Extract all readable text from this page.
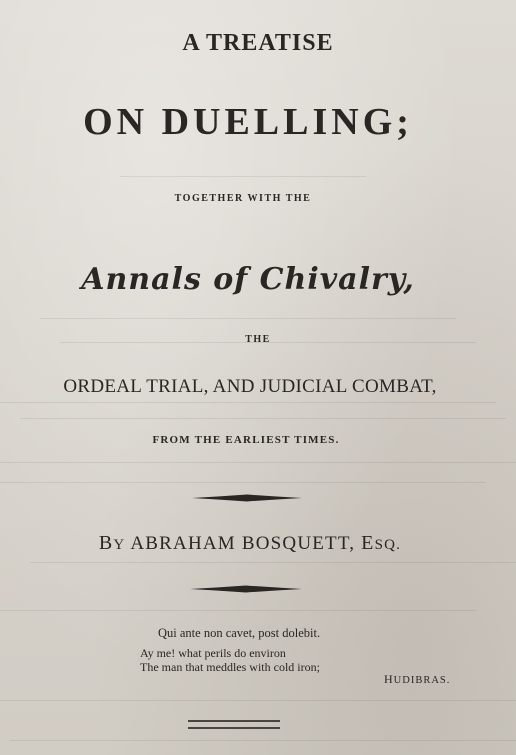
A TREATISE
ON DUELLING;
TOGETHER WITH THE
Annals of Chivalry,
THE
ORDEAL TRIAL, AND JUDICIAL COMBAT,
FROM THE EARLIEST TIMES.
BY ABRAHAM BOSQUETT, ESQ.
Qui ante non cavet, post dolebit.
Ay me! what perils do environ
The man that meddles with cold iron;
HUDIBRAS.
